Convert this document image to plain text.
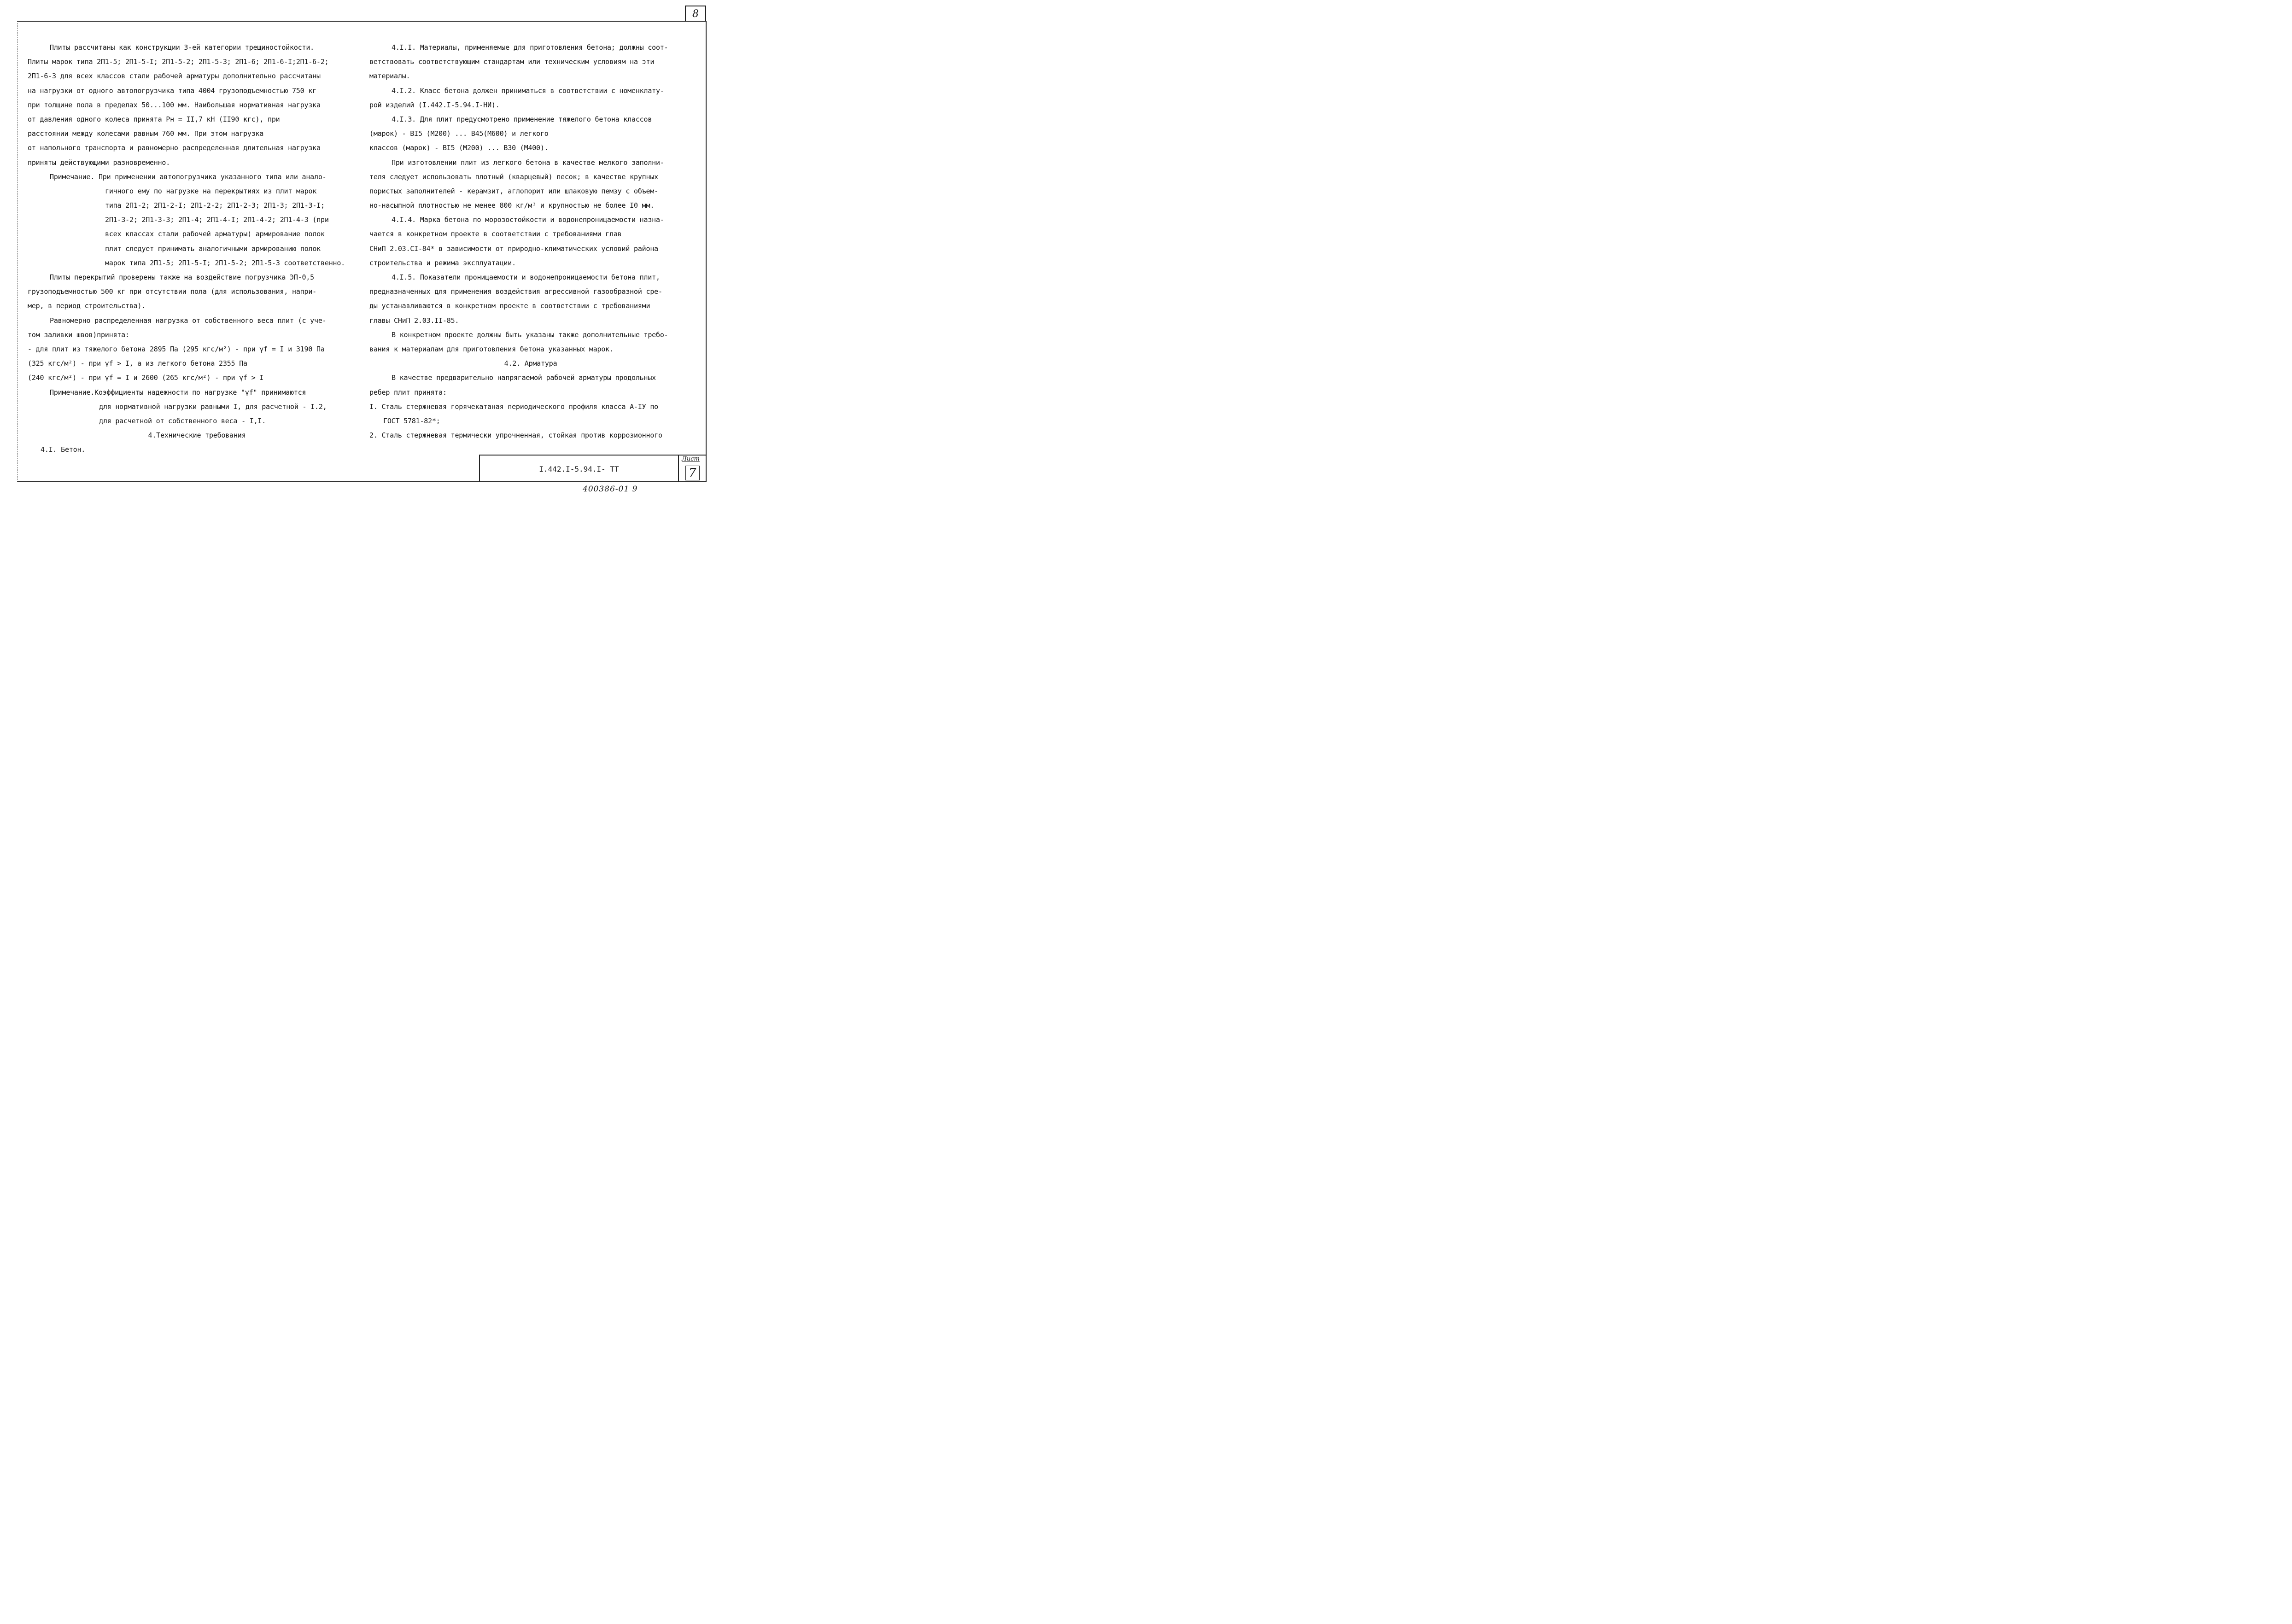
8
Плиты рассчитаны как конструкции 3-ей категории трещиностойкости.
Плиты марок типа 2П1-5; 2П1-5-I; 2П1-5-2; 2П1-5-3; 2П1-6; 2П1-6-I;2П1-6-2;
2П1-6-3 для всех классов стали рабочей арматуры дополнительно рассчитаны
на нагрузки от одного автопогрузчика типа 4004 грузоподъемностью 750 кг
при толщине пола в пределах 50...100 мм. Наибольшая нормативная нагрузка
от давления одного колеса принята Pн = II,7 кН (II90 кгс), при
расстоянии между колесами равным 760 мм. При этом нагрузка
от напольного транспорта и равномерно распределенная длительная нагрузка
приняты действующими разновременно.
Примечание. При применении автопогрузчика указанного типа или анало-
гичного ему по нагрузке на перекрытиях из плит марок
типа 2П1-2; 2П1-2-I; 2П1-2-2; 2П1-2-3; 2П1-3; 2П1-3-I;
2П1-3-2; 2П1-3-3; 2П1-4; 2П1-4-I; 2П1-4-2; 2П1-4-3 (при
всех классах стали рабочей арматуры) армирование полок
плит следует принимать аналогичными армированию полок
марок типа 2П1-5; 2П1-5-I; 2П1-5-2; 2П1-5-3 соответственно.
Плиты перекрытий проверены также на воздействие погрузчика ЭП-0,5
грузоподъемностью 500 кг при отсутствии пола (для использования, напри-
мер, в период строительства).
Равномерно распределенная нагрузка от собственного веса плит (с уче-
том заливки швов)принята:
- для плит из тяжелого бетона 2895 Па (295 кгс/м²) - при γf = I и 3190 Па
(325 кгс/м²) - при γf > I, а из легкого бетона 2355 Па
(240 кгс/м²) - при γf = I и 2600 (265 кгс/м²) - при γf > I
Примечание.Коэффициенты надежности по нагрузке "γf" принимаются
для нормативной нагрузки равными I, для расчетной - I.2,
для расчетной от собственного веса - I,I.
4.Технические требования
4.I. Бетон.
4.I.I. Материалы, применяемые для приготовления бетона; должны соот-
ветствовать соответствующим стандартам или техническим условиям на эти
материалы.
4.I.2. Класс бетона должен приниматься в соответствии с номенклату-
рой изделий (I.442.I-5.94.I-НИ).
4.I.3. Для плит предусмотрено применение тяжелого бетона классов
(марок) - BI5 (М200) ... B45(М600) и легкого
классов (марок) - BI5 (М200) ... B30 (М400).
При изготовлении плит из легкого бетона в качестве мелкого заполни-
теля следует использовать плотный (кварцевый) песок; в качестве крупных
пористых заполнителей - керамзит, аглопорит или шлаковую пемзу с объем-
но-насыпной плотностью не менее 800 кг/м³ и крупностью не более I0 мм.
4.I.4. Марка бетона по морозостойкости и водонепроницаемости назна-
чается в конкретном проекте в соответствии с требованиями глав
СНиП 2.03.CI-84* в зависимости от природно-климатических условий района
строительства и режима эксплуатации.
4.I.5. Показатели проницаемости и водонепроницаемости бетона плит,
предназначенных для применения воздействия агрессивной газообразной сре-
ды устанавливаются в конкретном проекте в соответствии с требованиями
главы СНиП 2.03.II-85.
В конкретном проекте должны быть указаны также дополнительные требо-
вания к материалам для приготовления бетона указанных марок.
4.2. Арматура
В качестве предварительно напрягаемой рабочей арматуры продольных
ребер плит принята:
I. Сталь стержневая горячекатаная периодического профиля класса А-IУ по
ГОСТ 5781-82*;
2. Сталь стержневая термически упрочненная, стойкая против коррозионного
I.442.I-5.94.I- ТТ
Лист
7
400386-01 9
